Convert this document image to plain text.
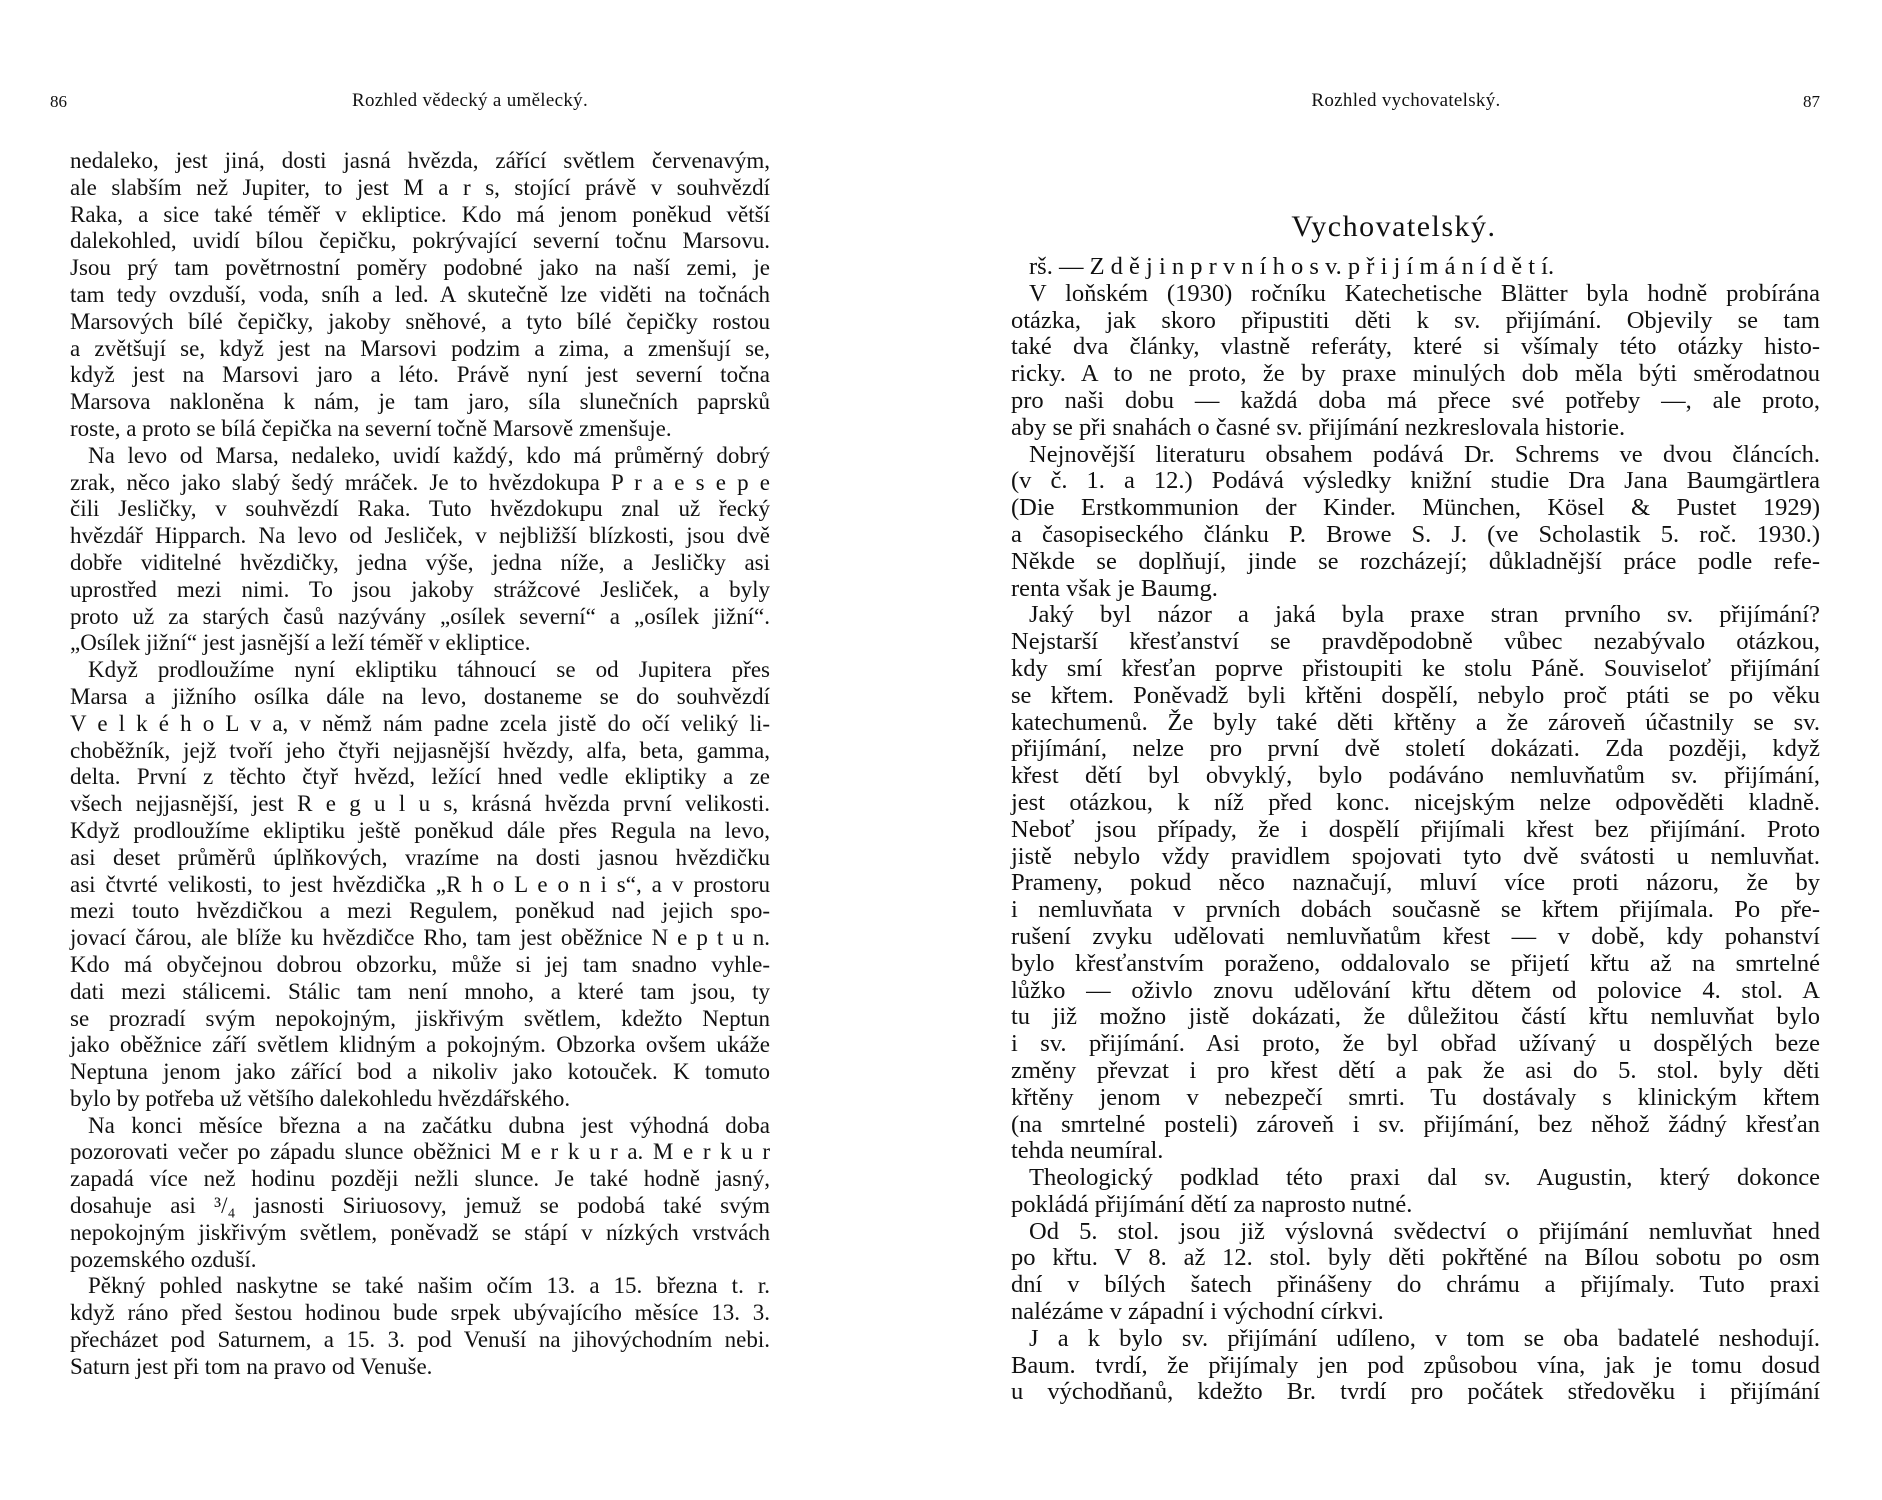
86	Rozhled vědecký a umělecký.
nedaleko, jest jiná, dosti jasná hvězda, zářící světlem červenavým,
ale slabším než Jupiter, to jest M a r s, stojící právě v souhvězdí
Raka, a sice také téměř v ekliptice. Kdo má jenom poněkud větší
dalekohled, uvidí bílou čepičku, pokrývající severní točnu Marsovu.
Jsou prý tam povětrnostní poměry podobné jako na naší zemi, je
tam tedy ovzduší, voda, sníh a led. A skutečně lze viděti na točnách
Marsových bílé čepičky, jakoby sněhové, a tyto bílé čepičky rostou
a zvětšují se, když jest na Marsovi podzim a zima, a zmenšují se,
když jest na Marsovi jaro a léto. Právě nyní jest severní točna
Marsova nakloněna k nám, je tam jaro, síla slunečních paprsků
roste, a proto se bílá čepička na severní točně Marsově zmenšuje.
Na levo od Marsa, nedaleko, uvidí každý, kdo má průměrný dobrý
zrak, něco jako slabý šedý mráček. Je to hvězdokupa P r a e s e p e
čili Jesličky, v souhvězdí Raka. Tuto hvězdokupu znal už řecký
hvězdář Hipparch. Na levo od Jesliček, v nejbližší blízkosti, jsou dvě
dobře viditelné hvězdičky, jedna výše, jedna níže, a Jesličky asi
uprostřed mezi nimi. To jsou jakoby strážcové Jesliček, a byly
proto už za starých časů nazývány „osílek severní“ a „osílek jižní“.
„Osílek jižní“ jest jasnější a leží téměř v ekliptice.
Když prodloužíme nyní ekliptiku táhnoucí se od Jupitera přes
Marsa a jižního osílka dále na levo, dostaneme se do souhvězdí
V e l k é h o L v a, v němž nám padne zcela jistě do očí veliký li-
choběžník, jejž tvoří jeho čtyři nejjasnější hvězdy, alfa, beta, gamma,
delta. První z těchto čtyř hvězd, ležící hned vedle ekliptiky a ze
všech nejjasnější, jest R e g u l u s, krásná hvězda první velikosti.
Když prodloužíme ekliptiku ještě poněkud dále přes Regula na levo,
asi deset průměrů úplňkových, vrazíme na dosti jasnou hvězdičku
asi čtvrté velikosti, to jest hvězdička „R h o L e o n i s“, a v prostoru
mezi touto hvězdičkou a mezi Regulem, poněkud nad jejich spo-
jovací čárou, ale blíže ku hvězdičce Rho, tam jest oběžnice N e p t u n.
Kdo má obyčejnou dobrou obzorku, může si jej tam snadno vyhle-
dati mezi stálicemi. Stálic tam není mnoho, a které tam jsou, ty
se prozradí svým nepokojným, jiskřivým světlem, kdežto Neptun
jako oběžnice září světlem klidným a pokojným. Obzorka ovšem ukáže
Neptuna jenom jako zářící bod a nikoliv jako kotouček. K tomuto
bylo by potřeba už většího dalekohledu hvězdářského.
Na konci měsíce března a na začátku dubna jest výhodná doba
pozorovati večer po západu slunce oběžnici M e r k u r a. M e r k u r
zapadá více než hodinu později nežli slunce. Je také hodně jasný,
dosahuje asi ³/₄ jasnosti Siriuosovy, jemuž se podobá také svým
nepokojným jiskřivým světlem, poněvadž se stápí v nízkých vrstvách
pozemského ozduší.
Pěkný pohled naskytne se také našim očím 13. a 15. března t. r.
když ráno před šestou hodinou bude srpek ubývajícího měsíce 13. 3.
přecházet pod Saturnem, a 15. 3. pod Venuší na jihovýchodním nebi.
Saturn jest při tom na pravo od Venuše.
Rozhled vychovatelský.	87
Vychovatelský.
rš. — Z d ě j i n p r v n í h o s v. p ř i j í m á n í d ě t í.
V loňském (1930) ročníku Katechetische Blätter byla hodně probírána
otázka, jak skoro připustiti děti k sv. přijímání. Objevily se tam
také dva články, vlastně referáty, které si všímaly této otázky histo-
ricky. A to ne proto, že by praxe minulých dob měla býti směrodatnou
pro naši dobu — každá doba má přece své potřeby —, ale proto,
aby se při snahách o časné sv. přijímání nezkreslovala historie.
Nejnovější literaturu obsahem podává Dr. Schrems ve dvou článcích.
(v č. 1. a 12.) Podává výsledky knižní studie Dra Jana Baumgärtlera
(Die Erstkommunion der Kinder. München, Kösel & Pustet 1929)
a časopiseckého článku P. Browe S. J. (ve Scholastik 5. roč. 1930.)
Někde se doplňují, jinde se rozcházejí; důkladnější práce podle refe-
renta však je Baumg.
Jaký byl názor a jaká byla praxe stran prvního sv. přijímání?
Nejstarší křesťanství se pravděpodobně vůbec nezabývalo otázkou,
kdy smí křesťan poprve přistoupiti ke stolu Páně. Souviseloť přijímání
se křtem. Poněvadž byli křtěni dospělí, nebylo proč ptáti se po věku
katechumenů. Že byly také děti křtěny a že zároveň účastnily se sv.
přijímání, nelze pro první dvě století dokázati. Zda později, když
křest dětí byl obvyklý, bylo podáváno nemluvňatům sv. přijímání,
jest otázkou, k níž před konc. nicejským nelze odpověděti kladně.
Neboť jsou případy, že i dospělí přijímali křest bez přijímání. Proto
jistě nebylo vždy pravidlem spojovati tyto dvě svátosti u nemluvňat.
Prameny, pokud něco naznačují, mluví více proti názoru, že by
i nemluvňata v prvních dobách současně se křtem přijímala. Po pře-
rušení zvyku udělovati nemluvňatům křest — v době, kdy pohanství
bylo křesťanstvím poraženo, oddalovalo se přijetí křtu až na smrtelné
lůžko — oživlo znovu udělování křtu dětem od polovice 4. stol. A
tu již možno jistě dokázati, že důležitou částí křtu nemluvňat bylo
i sv. přijímání. Asi proto, že byl obřad užívaný u dospělých beze
změny převzat i pro křest dětí a pak že asi do 5. stol. byly děti
křtěny jenom v nebezpečí smrti. Tu dostávaly s klinickým křtem
(na smrtelné posteli) zároveň i sv. přijímání, bez něhož žádný křesťan
tehda neumíral.
Theologický podklad této praxi dal sv. Augustin, který dokonce
pokládá přijímání dětí za naprosto nutné.
Od 5. stol. jsou již výslovná svědectví o přijímání nemluvňat hned
po křtu. V 8. až 12. stol. byly děti pokřtěné na Bílou sobotu po osm
dní v bílých šatech přinášeny do chrámu a přijímaly. Tuto praxi
nalézáme v západní i východní církvi.
J a k bylo sv. přijímání udíleno, v tom se oba badatelé neshodují.
Baum. tvrdí, že přijímaly jen pod způsobou vína, jak je tomu dosud
u východňanů, kdežto Br. tvrdí pro počátek středověku i přijímání
